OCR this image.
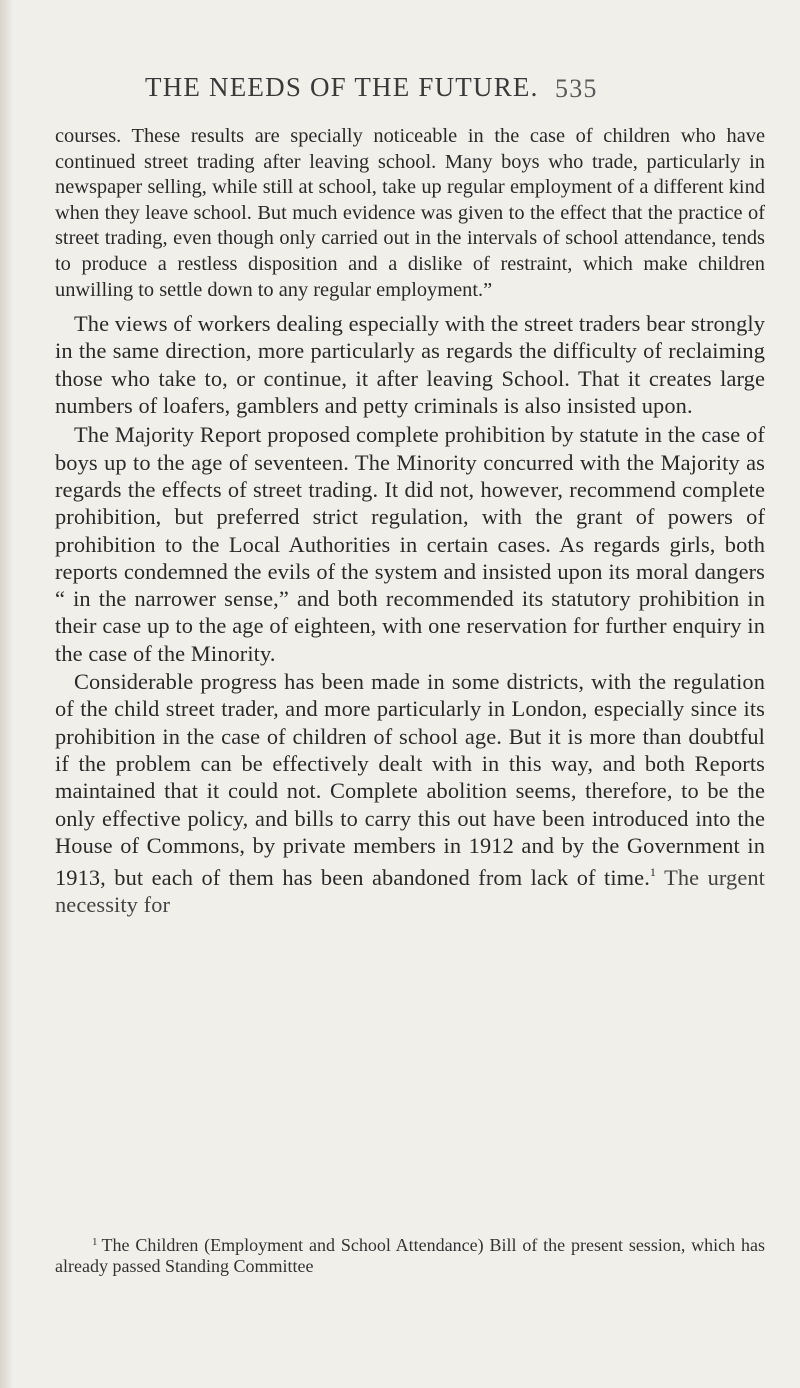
THE NEEDS OF THE FUTURE. 535

courses. These results are specially noticeable in the case of children who have continued street trading after leaving school. Many boys who trade, particularly in newspaper selling, while still at school, take up regular employment of a different kind when they leave school. But much evidence was given to the effect that the practice of street trading, even though only carried out in the intervals of school attendance, tends to produce a restless disposition and a dislike of restraint, which make children unwilling to settle down to any regular employment.”

The views of workers dealing especially with the street traders bear strongly in the same direction, more particularly as regards the difficulty of reclaiming those who take to, or continue, it after leaving School. That it creates large numbers of loafers, gamblers and petty criminals is also insisted upon.

The Majority Report proposed complete prohibition by statute in the case of boys up to the age of seventeen. The Minority concurred with the Majority as regards the effects of street trading. It did not, however, recommend complete prohibition, but preferred strict regulation, with the grant of powers of prohibition to the Local Authorities in certain cases. As regards girls, both reports condemned the evils of the system and insisted upon its moral dangers “ in the narrower sense,” and both recommended its statutory prohibition in their case up to the age of eighteen, with one reservation for further enquiry in the case of the Minority.

Considerable progress has been made in some districts, with the regulation of the child street trader, and more particularly in London, especially since its prohibition in the case of children of school age. But it is more than doubtful if the problem can be effectively dealt with in this way, and both Reports maintained that it could not. Complete abolition seems, therefore, to be the only effective policy, and bills to carry this out have been introduced into the House of Commons, by private members in 1912 and by the Government in 1913, but each of them has been abandoned from lack of time.$^1$ The urgent necessity for

$^1$ The Children (Employment and School Attendance) Bill of the present session, which has already passed Standing Committee
